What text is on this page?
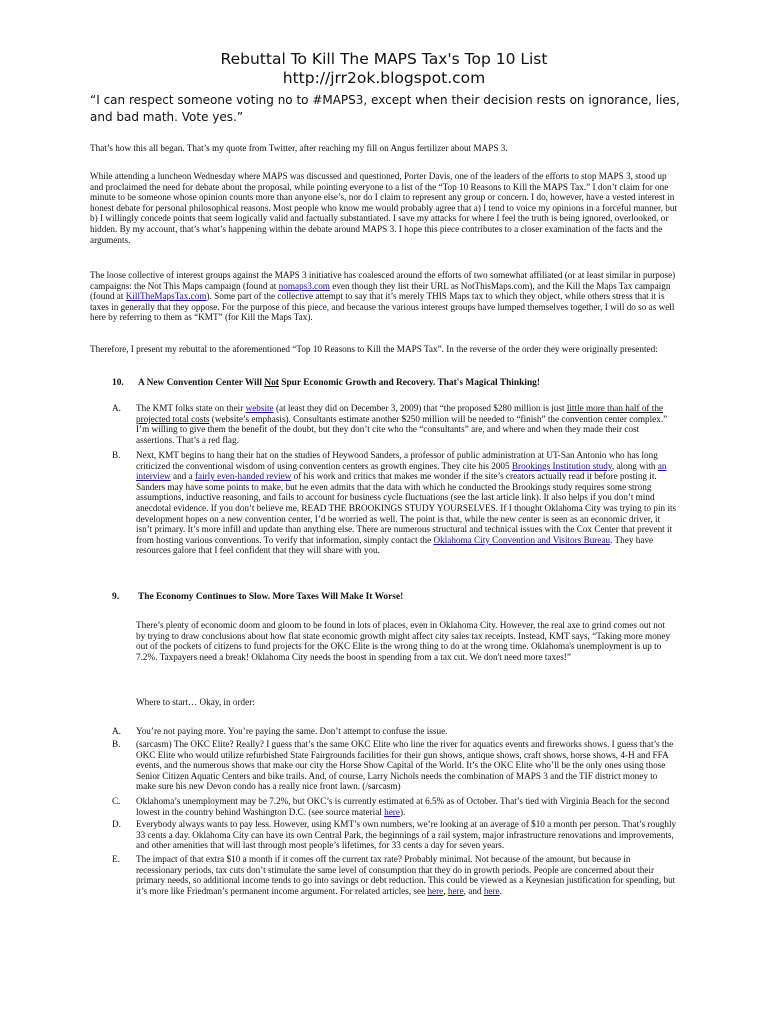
Rebuttal To Kill The MAPS Tax's Top 10 List
http://jrr2ok.blogspot.com
“I can respect someone voting no to #MAPS3, except when their decision rests on ignorance, lies, and bad math. Vote yes.”

That’s how this all began. That’s my quote from Twitter, after reaching my fill on Angus fertilizer about MAPS 3.

While attending a luncheon Wednesday where MAPS was discussed and questioned, Porter Davis, one of the leaders of the efforts to stop MAPS 3, stood up and proclaimed the need for debate about the proposal, while pointing everyone to a list of the “Top 10 Reasons to Kill the MAPS Tax.” I don’t claim for one minute to be someone whose opinion counts more than anyone else’s, nor do I claim to represent any group or concern. I do, however, have a vested interest in honest debate for personal philosophical reasons. Most people who know me would probably agree that a) I tend to voice my opinions in a forceful manner, but b) I willingly concede points that seem logically valid and factually substantiated. I save my attacks for where I feel the truth is being ignored, overlooked, or hidden. By my account, that’s what’s happening within the debate around MAPS 3. I hope this piece contributes to a closer examination of the facts and the arguments.

The loose collective of interest groups against the MAPS 3 initiative has coalesced around the efforts of two somewhat affiliated (or at least similar in purpose) campaigns: the Not This Maps campaign (found at nomaps3.com even though they list their URL as NotThisMaps.com), and the Kill the Maps Tax campaign (found at KillTheMapsTax.com). Some part of the collective attempt to say that it’s merely THIS Maps tax to which they object, while others stress that it is taxes in generally that they oppose. For the purpose of this piece, and because the various interest groups have lumped themselves together, I will do so as well here by referring to them as “KMT” (for Kill the Maps Tax).

Therefore, I present my rebuttal to the aforementioned “Top 10 Reasons to Kill the MAPS Tax”. In the reverse of the order they were originally presented:

10. A New Convention Center Will Not Spur Economic Growth and Recovery. That's Magical Thinking!
A. The KMT folks state on their website (at least they did on December 3, 2009) that “the proposed $280 million is just little more than half of the projected total costs (website’s emphasis). Consultants estimate another $250 million will be needed to “finish” the convention center complex.” I’m willing to give them the benefit of the doubt, but they don’t cite who the “consultants” are, and where and when they made their cost assertions. That’s a red flag.
B. Next, KMT begins to hang their hat on the studies of Heywood Sanders, a professor of public administration at UT-San Antonio who has long criticized the conventional wisdom of using convention centers as growth engines. They cite his 2005 Brookings Institution study, along with an interview and a fairly even-handed review of his work and critics that makes me wonder if the site’s creators actually read it before posting it. Sanders may have some points to make, but he even admits that the data with which he conducted the Brookings study requires some strong assumptions, inductive reasoning, and fails to account for business cycle fluctuations (see the last article link). It also helps if you don’t mind anecdotal evidence. If you don’t believe me, READ THE BROOKINGS STUDY YOURSELVES. If I thought Oklahoma City was trying to pin its development hopes on a new convention center, I’d be worried as well. The point is that, while the new center is seen as an economic driver, it isn’t primary. It’s more infill and update than anything else. There are numerous structural and technical issues with the Cox Center that prevent it from hosting various conventions. To verify that information, simply contact the Oklahoma City Convention and Visitors Bureau. They have resources galore that I feel confident that they will share with you.
9. The Economy Continues to Slow. More Taxes Will Make It Worse!

There’s plenty of economic doom and gloom to be found in lots of places, even in Oklahoma City. However, the real axe to grind comes out not by trying to draw conclusions about how flat state economic growth might affect city sales tax receipts. Instead, KMT says, “Taking more money out of the pockets of citizens to fund projects for the OKC Elite is the wrong thing to do at the wrong time. Oklahoma's unemployment is up to 7.2%. Taxpayers need a break! Oklahoma City needs the boost in spending from a tax cut. We don't need more taxes!”

Where to start… Okay, in order:

A. You’re not paying more. You’re paying the same. Don’t attempt to confuse the issue.
B. (sarcasm) The OKC Elite? Really? I guess that’s the same OKC Elite who line the river for aquatics events and fireworks shows. I guess that’s the OKC Elite who would utilize refurbished State Fairgrounds facilities for their gun shows, antique shows, craft shows, horse shows, 4-H and FFA events, and the numerous shows that make our city the Horse Show Capital of the World. It’s the OKC Elite who’ll be the only ones using those Senior Citizen Aquatic Centers and bike trails. And, of course, Larry Nichols needs the combination of MAPS 3 and the TIF district money to make sure his new Devon condo has a really nice front lawn. (/sarcasm)
C. Oklahoma’s unemployment may be 7.2%, but OKC’s is currently estimated at 6.5% as of October. That’s tied with Virginia Beach for the second lowest in the country behind Washington D.C. (see source material here).
D. Everybody always wants to pay less. However, using KMT’s own numbers, we’re looking at an average of $10 a month per person. That’s roughly 33 cents a day. Oklahoma City can have its own Central Park, the beginnings of a rail system, major infrastructure renovations and improvements, and other amenities that will last through most people’s lifetimes, for 33 cents a day for seven years.
E. The impact of that extra $10 a month if it comes off the current tax rate? Probably minimal. Not because of the amount, but because in recessionary periods, tax cuts don’t stimulate the same level of consumption that they do in growth periods. People are concerned about their primary needs, so additional income tends to go into savings or debt reduction. This could be viewed as a Keynesian justification for spending, but it’s more like Friedman’s permanent income argument. For related articles, see here, here, and here.
